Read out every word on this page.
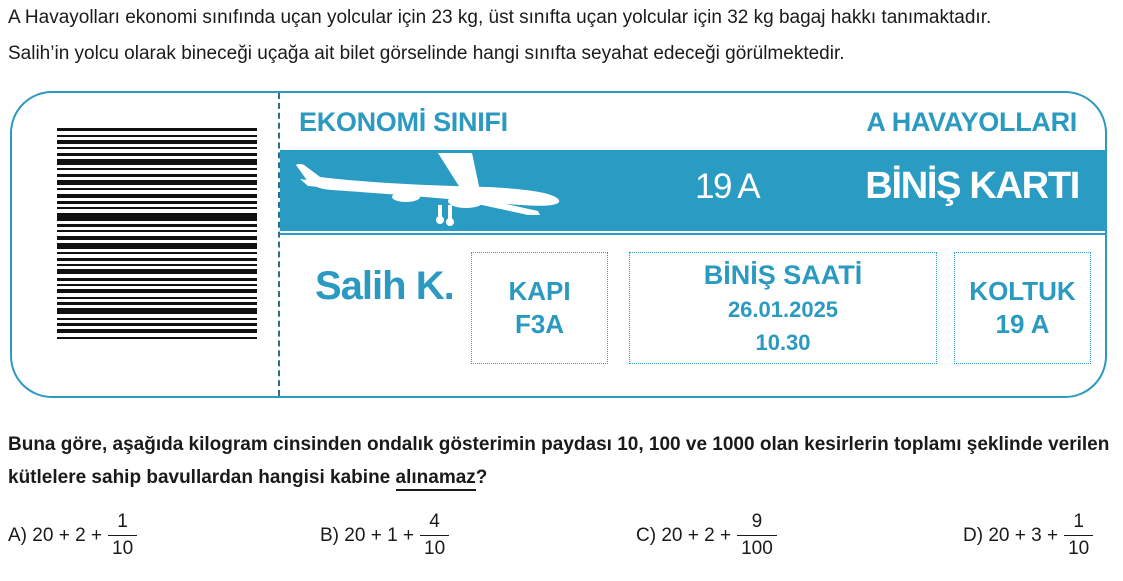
A Havayolları ekonomi sınıfında uçan yolcular için 23 kg, üst sınıfta uçan yolcular için 32 kg bagaj hakkı tanımaktadır.
Salih’in yolcu olarak bineceği uçağa ait bilet görselinde hangi sınıfta seyahat edeceği görülmektedir.
EKONOMİ SINIFI	A HAVAYOLLARI
19 A	BİNİŞ KARTI
Salih K. KAPI
F3A
BİNİŞ SAATİ
26.01.2025
10.30
KOLTUK
19 A
Buna göre, aşağıda kilogram cinsinden ondalık gösterimin paydası 10, 100 ve 1000 olan kesirlerin toplamı şeklinde verilen kütlelere sahip bavullardan hangisi kabine alınamaz?
A)
$20 + 2 + \frac{1}{10}$	B)
$20 + 1 + \frac{4}{10}$	C)
$20 + 2 + \frac{9}{100}$	D)
$20 + 3 + \frac{1}{10}$
